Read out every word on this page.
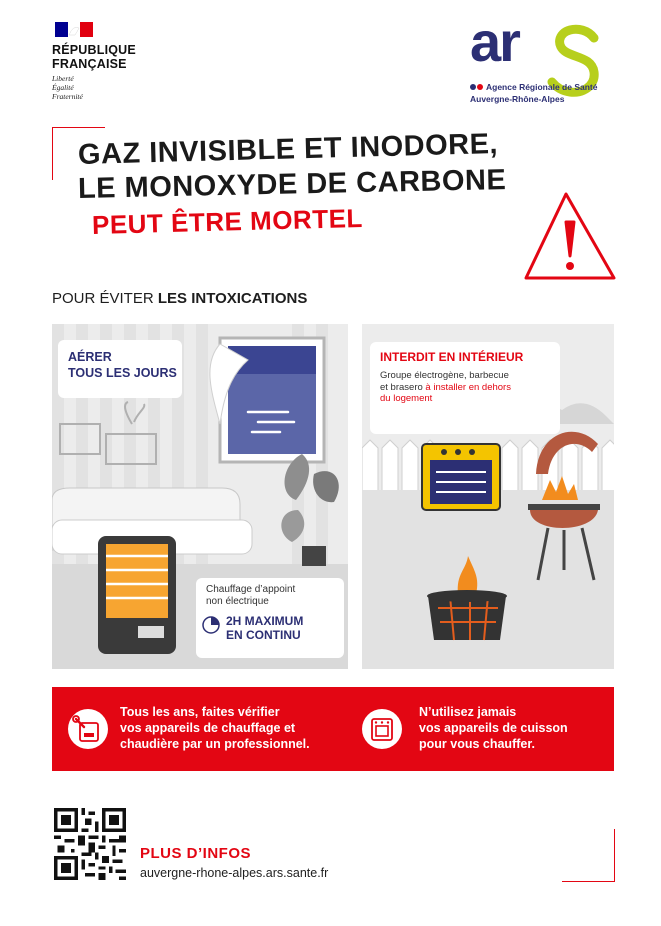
RÉPUBLIQUE
FRANÇAISE
Liberté
Égalité
Fraternité
ar
Agence Régionale de Santé
Auvergne-Rhône-Alpes
GAZ INVISIBLE ET INODORE,
LE MONOXYDE DE CARBONE
PEUT ÊTRE MORTEL
POUR ÉVITER LES INTOXICATIONS
AÉRER
TOUS LES JOURS
Chauffage d’appoint
non électrique
2H MAXIMUM
EN CONTINU
INTERDIT EN INTÉRIEUR
Groupe électrogène, barbecue
et brasero à installer en dehors
du logement
Tous les ans, faites vérifier
vos appareils de chauffage et
chaudière par un professionnel.
N’utilisez jamais
vos appareils de cuisson
pour vous chauffer.
PLUS D’INFOS
auvergne-rhone-alpes.ars.sante.fr
